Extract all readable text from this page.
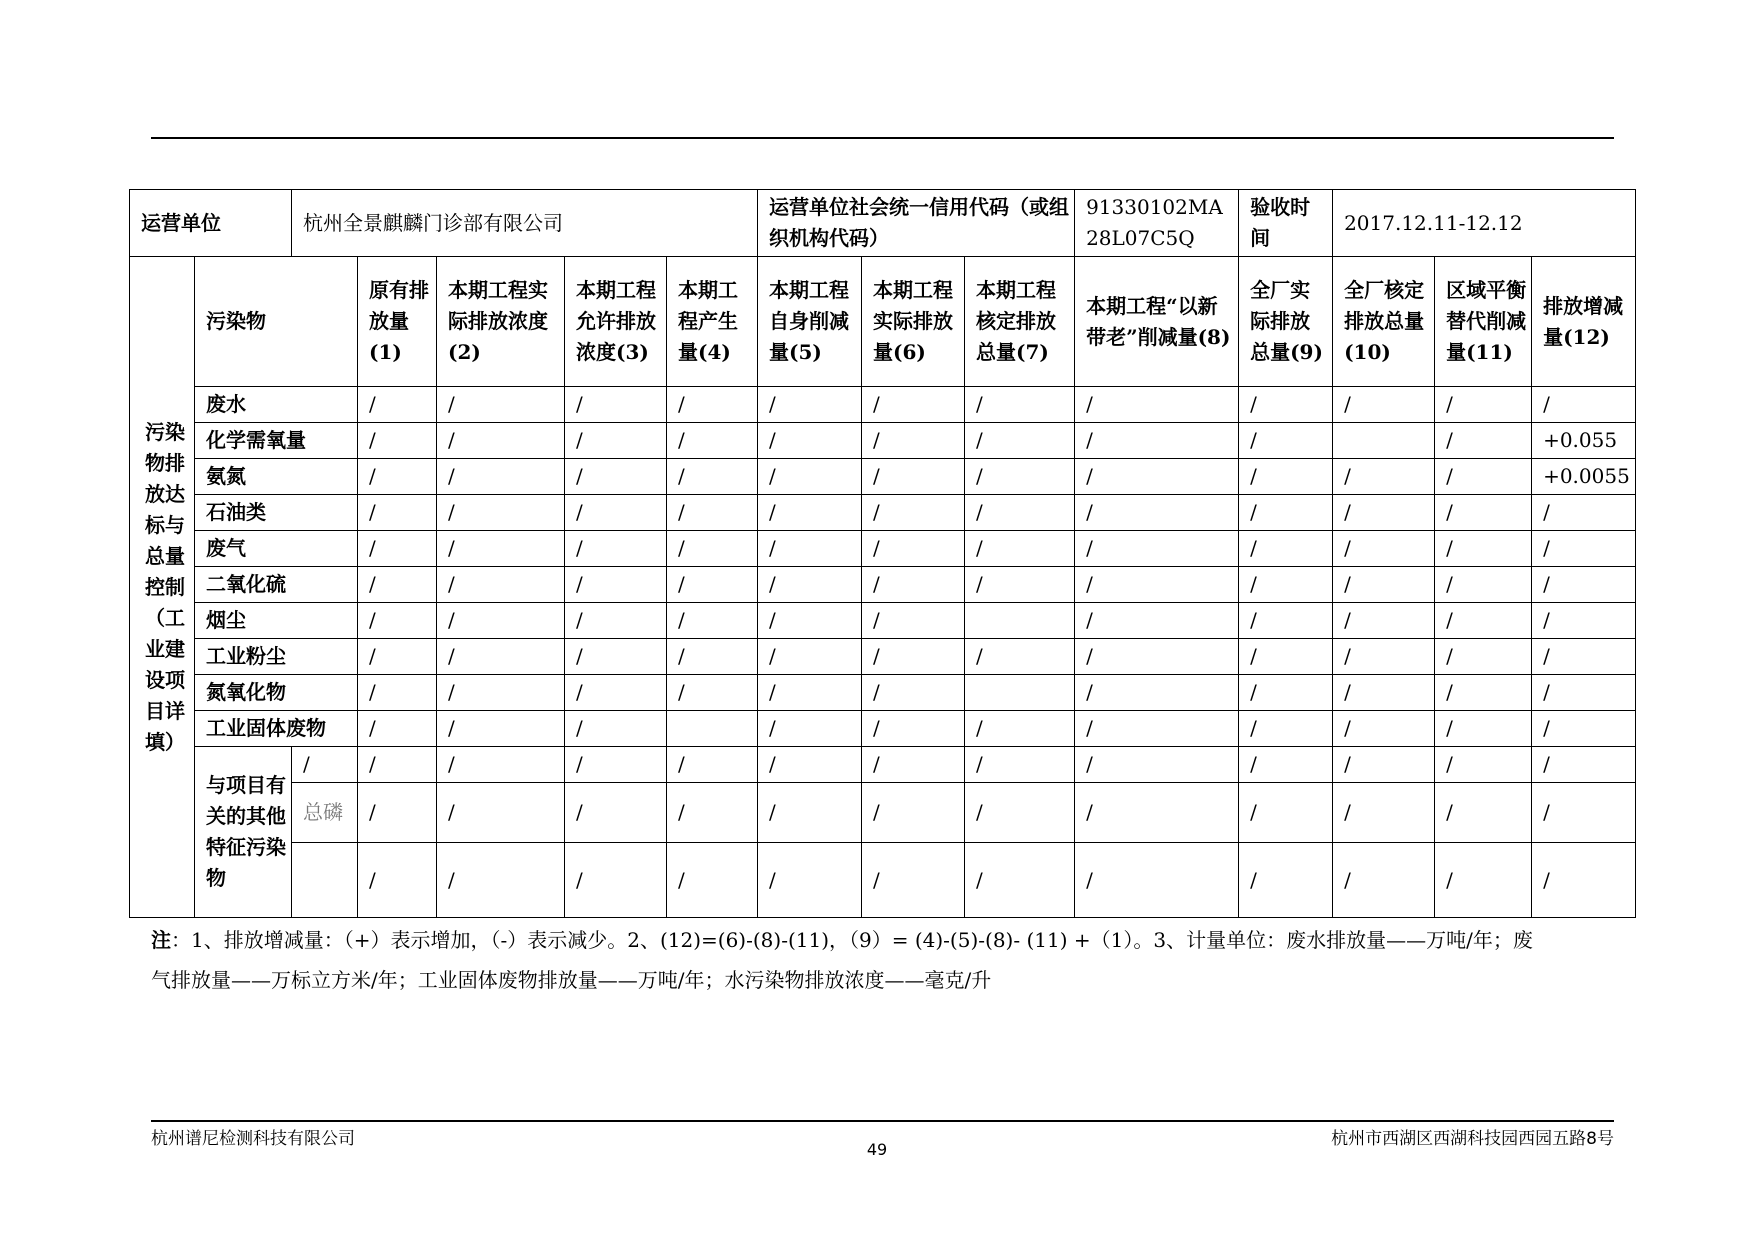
运营单位		杭州全景麒麟门诊部有限公司					运营单位社会统一信用代码（或组织机构代码）			91330102MA28L07C5Q	验收时间	2017.12.11-12.12		
污染物排放达标与总量控制（工业建设项目详填）	污染物		原有排放量(1)	本期工程实际排放浓度(2)	本期工程允许排放浓度(3)	本期工程产生量(4)	本期工程自身削减量(5)	本期工程实际排放量(6)	本期工程核定排放总量(7)	本期工程“以新带老”削减量(8)	全厂实际排放总量(9)	全厂核定排放总量(10)	区域平衡替代削减量(11)	排放增减量(12)
	废水		/	/	/	/	/	/	/	/	/	/	/	/
	化学需氧量		/	/	/	/	/	/	/	/	/		/	+0.055
	氨氮		/	/	/	/	/	/	/	/	/	/	/	+0.0055
	石油类		/	/	/	/	/	/	/	/	/	/	/	/
	废气		/	/	/	/	/	/	/	/	/	/	/	/
	二氧化硫		/	/	/	/	/	/	/	/	/	/	/	/
	烟尘		/	/	/	/	/	/		/	/	/	/	/
	工业粉尘		/	/	/	/	/	/	/	/	/	/	/	/
	氮氧化物		/	/	/	/	/	/		/	/	/	/	/
	工业固体废物		/	/	/		/	/	/	/	/	/	/	/
	与项目有关的其他特征污染物	/	/	/	/	/	/	/	/	/	/	/	/	/
		总磷	/	/	/	/	/	/	/	/	/	/	/	/
			/	/	/	/	/	/	/	/	/	/	/	/
注：1、排放增减量：（+）表示增加，（-）表示减少。2、(12)=(6)-(8)-(11)，（9）= (4)-(5)-(8)- (11) +（1）。3、计量单位：废水排放量——万吨/年；废
气排放量——万标立方米/年；工业固体废物排放量——万吨/年；水污染物排放浓度——毫克/升
杭州谱尼检测科技有限公司	杭州市西湖区西湖科技园西园五路8号
49
